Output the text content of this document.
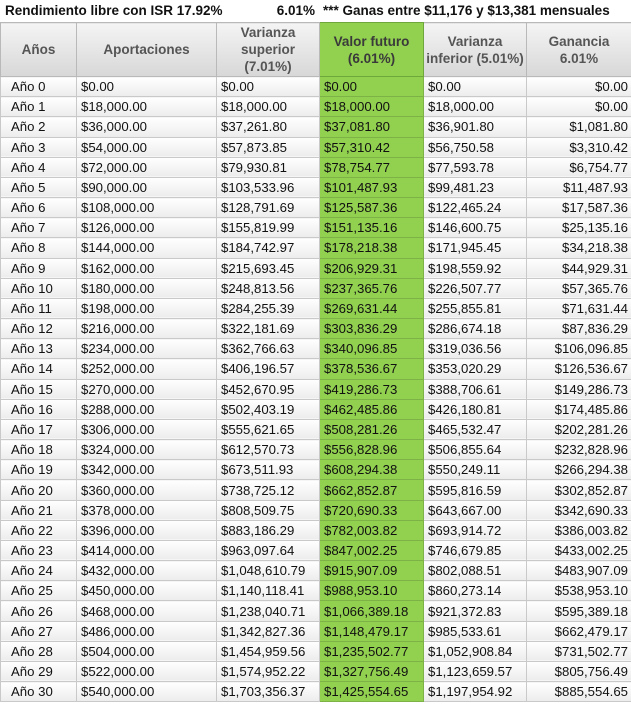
Rendimiento libre con ISR 17.92%	6.01% *** Ganas entre $11,176 y $13,381 mensuales
Años	Aportaciones	Varianza superior (7.01%)	Valor futuro (6.01%)	Varianza inferior (5.01%)	Ganancia 6.01%
Año 0	$0.00	$0.00	$0.00	$0.00	$0.00
Año 1	$18,000.00	$18,000.00	$18,000.00	$18,000.00	$0.00
Año 2	$36,000.00	$37,261.80	$37,081.80	$36,901.80	$1,081.80
Año 3	$54,000.00	$57,873.85	$57,310.42	$56,750.58	$3,310.42
Año 4	$72,000.00	$79,930.81	$78,754.77	$77,593.78	$6,754.77
Año 5	$90,000.00	$103,533.96	$101,487.93	$99,481.23	$11,487.93
Año 6	$108,000.00	$128,791.69	$125,587.36	$122,465.24	$17,587.36
Año 7	$126,000.00	$155,819.99	$151,135.16	$146,600.75	$25,135.16
Año 8	$144,000.00	$184,742.97	$178,218.38	$171,945.45	$34,218.38
Año 9	$162,000.00	$215,693.45	$206,929.31	$198,559.92	$44,929.31
Año 10	$180,000.00	$248,813.56	$237,365.76	$226,507.77	$57,365.76
Año 11	$198,000.00	$284,255.39	$269,631.44	$255,855.81	$71,631.44
Año 12	$216,000.00	$322,181.69	$303,836.29	$286,674.18	$87,836.29
Año 13	$234,000.00	$362,766.63	$340,096.85	$319,036.56	$106,096.85
Año 14	$252,000.00	$406,196.57	$378,536.67	$353,020.29	$126,536.67
Año 15	$270,000.00	$452,670.95	$419,286.73	$388,706.61	$149,286.73
Año 16	$288,000.00	$502,403.19	$462,485.86	$426,180.81	$174,485.86
Año 17	$306,000.00	$555,621.65	$508,281.26	$465,532.47	$202,281.26
Año 18	$324,000.00	$612,570.73	$556,828.96	$506,855.64	$232,828.96
Año 19	$342,000.00	$673,511.93	$608,294.38	$550,249.11	$266,294.38
Año 20	$360,000.00	$738,725.12	$662,852.87	$595,816.59	$302,852.87
Año 21	$378,000.00	$808,509.75	$720,690.33	$643,667.00	$342,690.33
Año 22	$396,000.00	$883,186.29	$782,003.82	$693,914.72	$386,003.82
Año 23	$414,000.00	$963,097.64	$847,002.25	$746,679.85	$433,002.25
Año 24	$432,000.00	$1,048,610.79	$915,907.09	$802,088.51	$483,907.09
Año 25	$450,000.00	$1,140,118.41	$988,953.10	$860,273.14	$538,953.10
Año 26	$468,000.00	$1,238,040.71	$1,066,389.18	$921,372.83	$595,389.18
Año 27	$486,000.00	$1,342,827.36	$1,148,479.17	$985,533.61	$662,479.17
Año 28	$504,000.00	$1,454,959.56	$1,235,502.77	$1,052,908.84	$731,502.77
Año 29	$522,000.00	$1,574,952.22	$1,327,756.49	$1,123,659.57	$805,756.49
Año 30	$540,000.00	$1,703,356.37	$1,425,554.65	$1,197,954.92	$885,554.65
